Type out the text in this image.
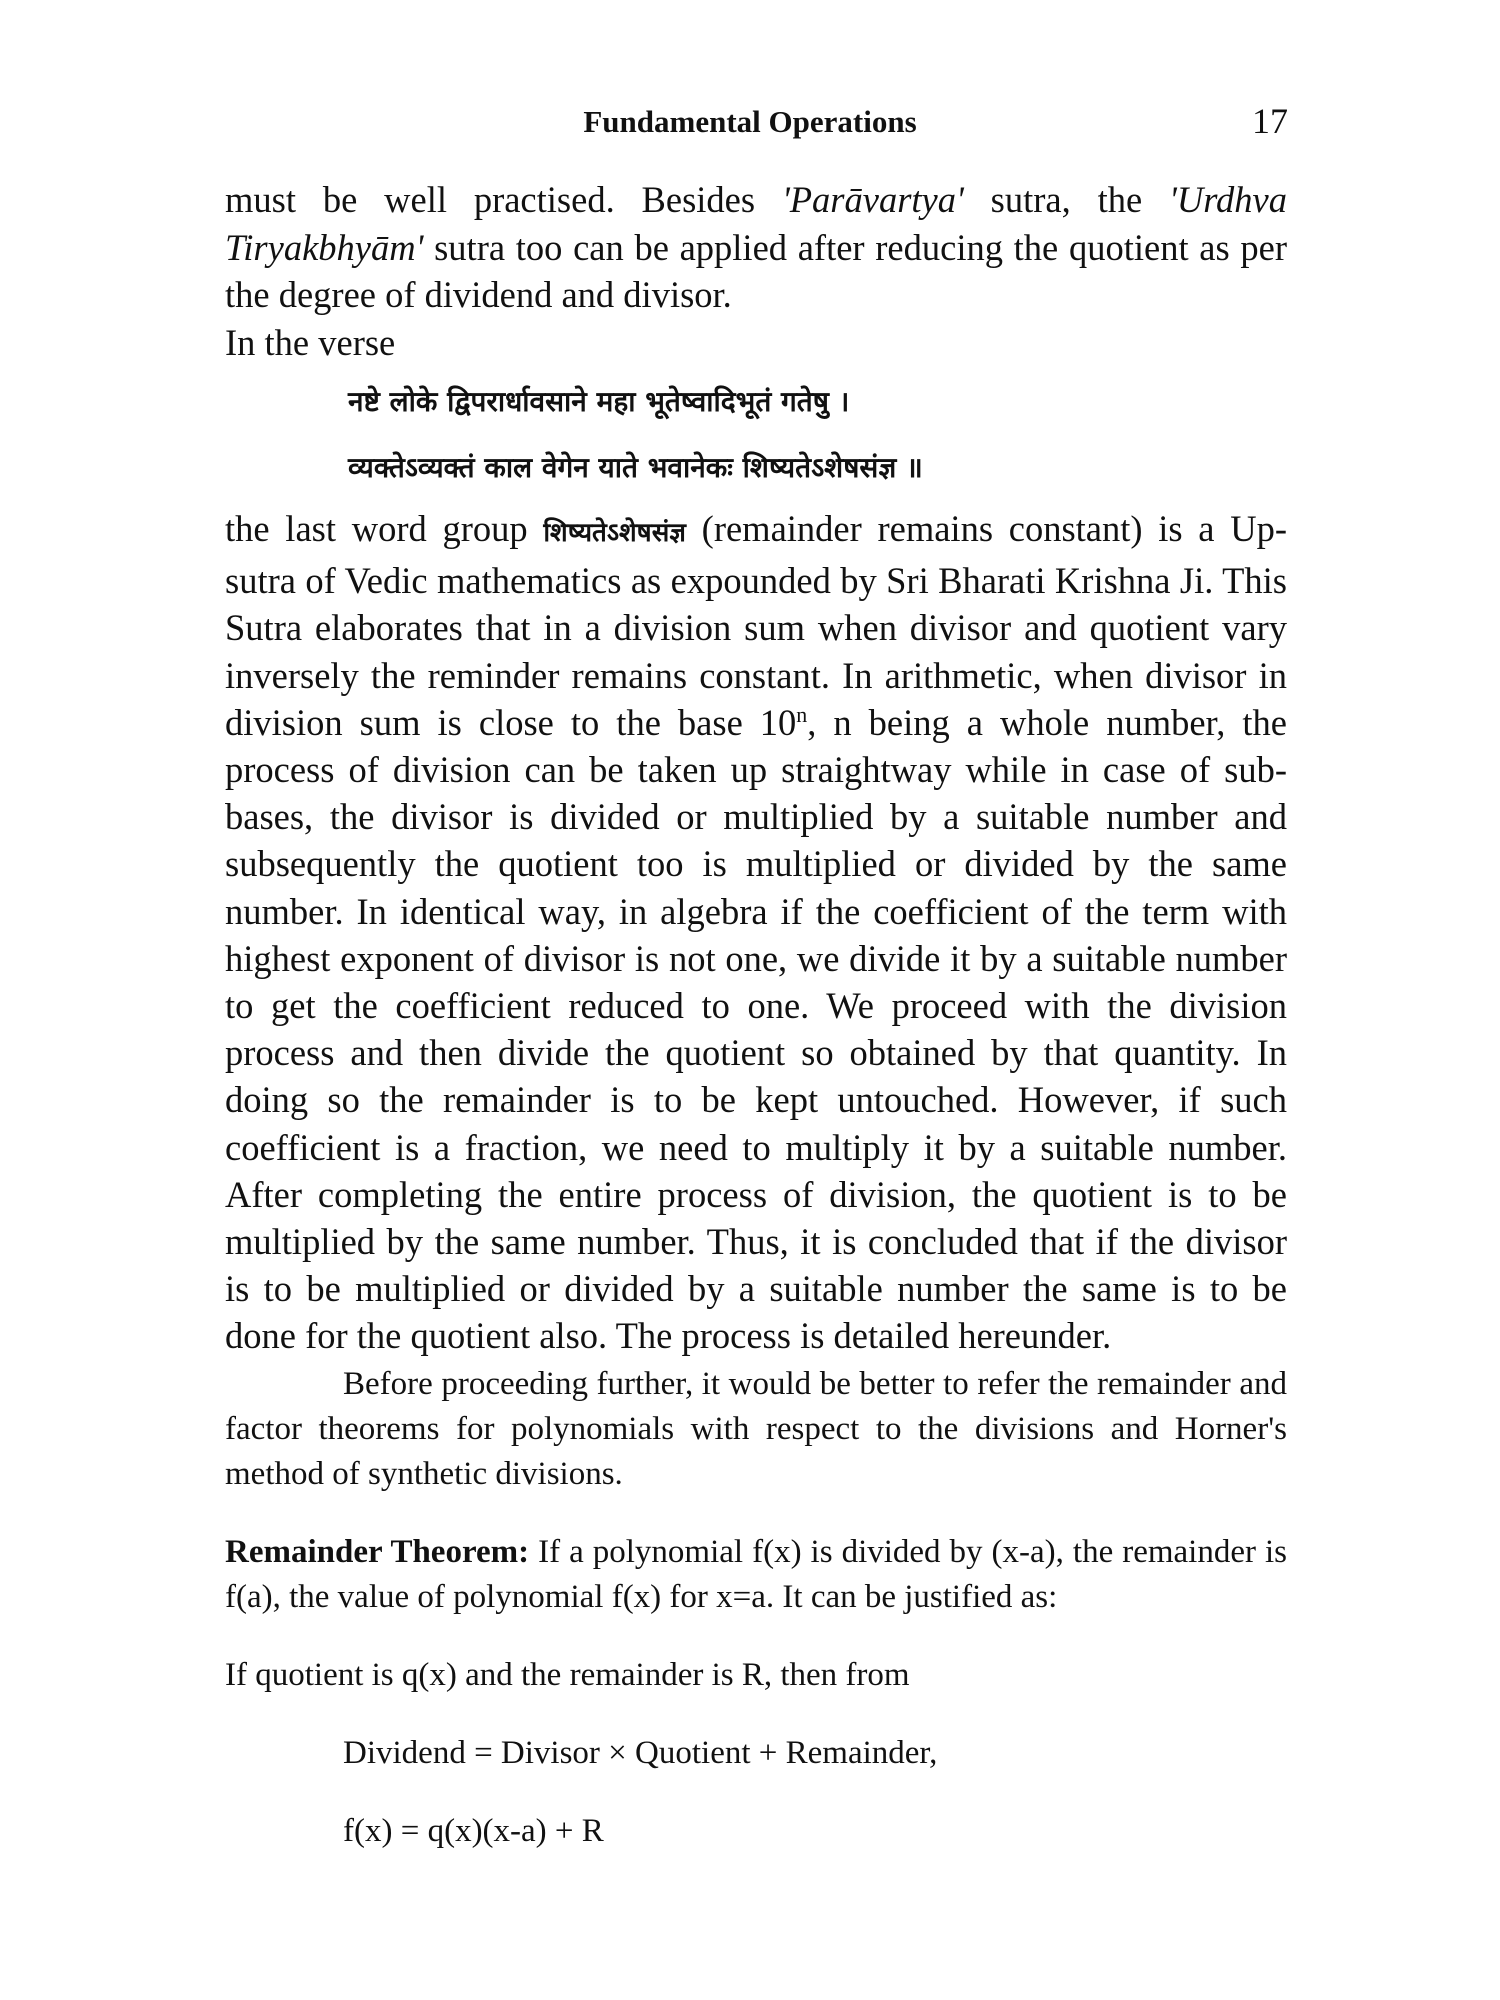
Fundamental Operations	17

must be well practised. Besides 'Parāvartya' sutra, the 'Urdhva Tiryakbhyām' sutra too can be applied after reducing the quotient as per the degree of dividend and divisor.

In the verse

नष्टे लोके द्विपरार्धावसाने महा भूतेष्वादिभूतं गतेषु ।
व्यक्तेऽव्यक्तं काल वेगेन याते भवानेकः शिष्यतेऽशेषसंज्ञ ॥

the last word group शिष्यतेऽशेषसंज्ञ (remainder remains constant) is a Up-sutra of Vedic mathematics as expounded by Sri Bharati Krishna Ji. This Sutra elaborates that in a division sum when divisor and quotient vary inversely the reminder remains constant. In arithmetic, when divisor in division sum is close to the base 10$^n$, n being a whole number, the process of division can be taken up straightway while in case of sub-bases, the divisor is divided or multiplied by a suitable number and subsequently the quotient too is multiplied or divided by the same number. In identical way, in algebra if the coefficient of the term with highest exponent of divisor is not one, we divide it by a suitable number to get the coefficient reduced to one. We proceed with the division process and then divide the quotient so obtained by that quantity. In doing so the remainder is to be kept untouched. However, if such coefficient is a fraction, we need to multiply it by a suitable number. After completing the entire process of division, the quotient is to be multiplied by the same number. Thus, it is concluded that if the divisor is to be multiplied or divided by a suitable number the same is to be done for the quotient also. The process is detailed hereunder.

Before proceeding further, it would be better to refer the remainder and factor theorems for polynomials with respect to the divisions and Horner's method of synthetic divisions.

Remainder Theorem: If a polynomial f(x) is divided by (x-a), the remainder is f(a), the value of polynomial f(x) for x=a. It can be justified as:

If quotient is q(x) and the remainder is R, then from

Dividend = Divisor × Quotient + Remainder,

f(x) = q(x)(x-a) + R
